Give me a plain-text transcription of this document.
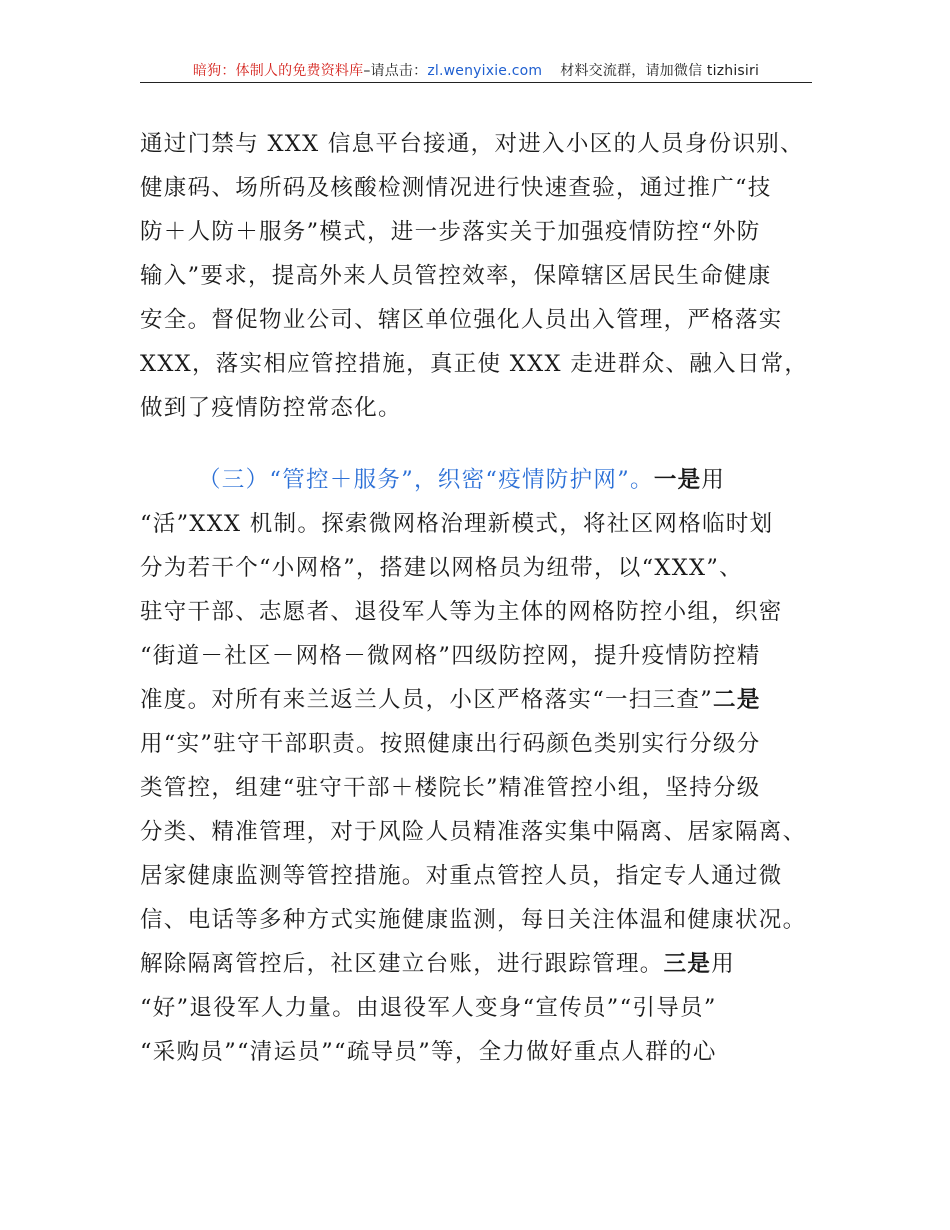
暗狗：体制人的免费资料库 –请点击： zl.wenyixie.com 材料交流群，请加微信 tizhisiri
通过门禁与 XXX 信息平台接通，对进入小区的人员身份识别、
健康码、场所码及核酸检测情况进行快速查验，通过推广“技
防＋人防＋服务”模式，进一步落实关于加强疫情防控“外防
输入”要求，提高外来人员管控效率，保障辖区居民生命健康
安全。督促物业公司、辖区单位强化人员出入管理，严格落实
XXX，落实相应管控措施，真正使 XXX 走进群众、融入日常，
做到了疫情防控常态化。
（三）“管控＋服务”，织密“疫情防护网”。一是用
“活”XXX 机制。探索微网格治理新模式，将社区网格临时划
分为若干个“小网格”，搭建以网格员为纽带，以“XXX”、
驻守干部、志愿者、退役军人等为主体的网格防控小组，织密
“街道－社区－网格－微网格”四级防控网，提升疫情防控精
准度。对所有来兰返兰人员，小区严格落实“一扫三查”二是
用“实”驻守干部职责。按照健康出行码颜色类别实行分级分
类管控，组建“驻守干部＋楼院长”精准管控小组，坚持分级
分类、精准管理，对于风险人员精准落实集中隔离、居家隔离、
居家健康监测等管控措施。对重点管控人员，指定专人通过微
信、电话等多种方式实施健康监测，每日关注体温和健康状况。
解除隔离管控后，社区建立台账，进行跟踪管理。三是用
“好”退役军人力量。由退役军人变身“宣传员”“引导员”
“采购员”“清运员”“疏导员”等，全力做好重点人群的心
